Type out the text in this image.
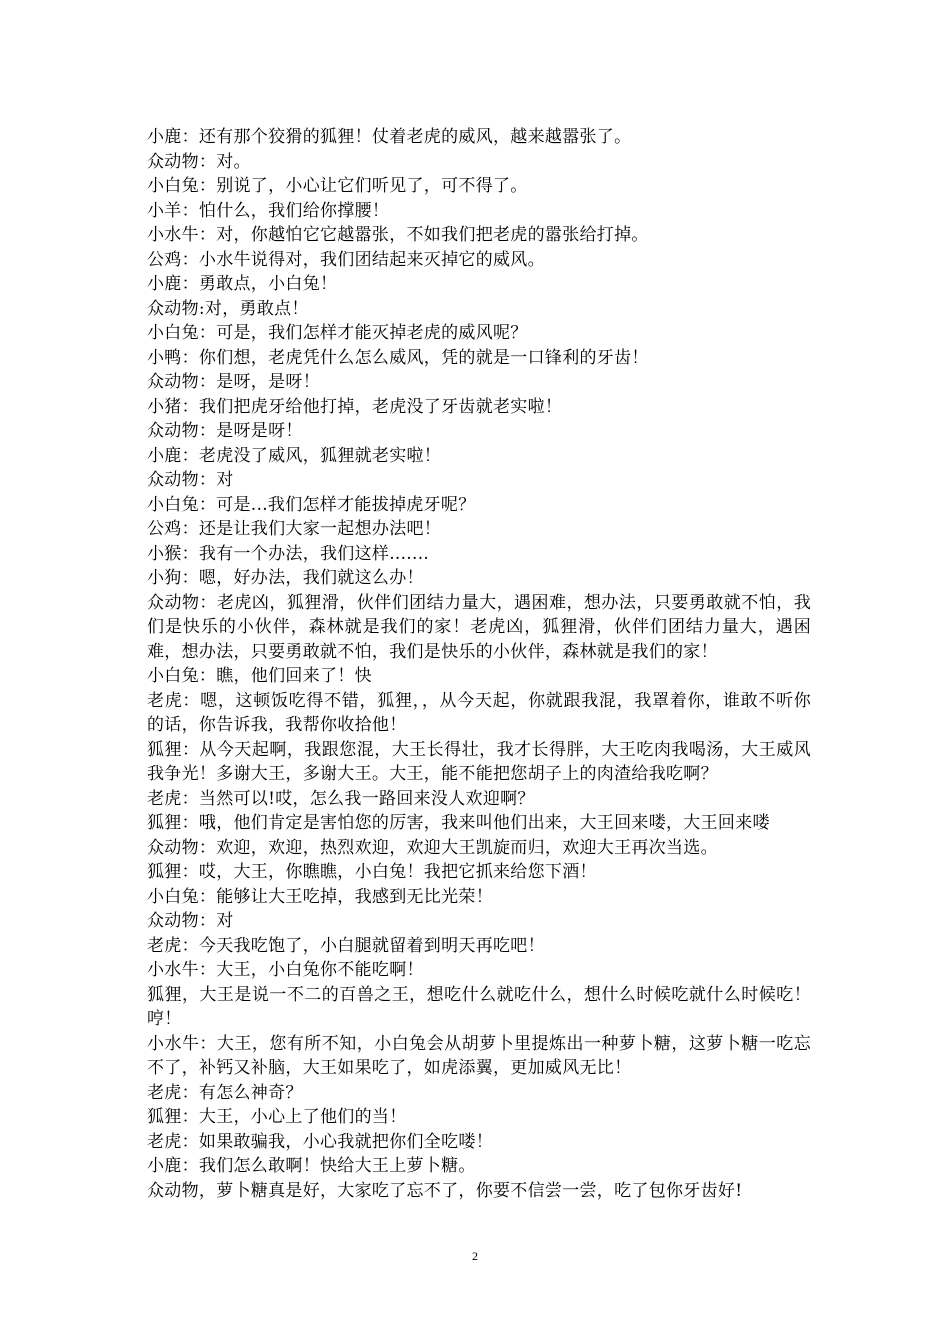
小鹿：还有那个狡猾的狐狸！仗着老虎的威风，越来越嚣张了。
众动物：对。
小白兔：别说了，小心让它们听见了，可不得了。
小羊：怕什么，我们给你撑腰！
小水牛：对，你越怕它它越嚣张，不如我们把老虎的嚣张给打掉。
公鸡：小水牛说得对，我们团结起来灭掉它的威风。
小鹿：勇敢点，小白兔！
众动物:对，勇敢点！
小白兔：可是，我们怎样才能灭掉老虎的威风呢？
小鸭：你们想，老虎凭什么怎么威风，凭的就是一口锋利的牙齿！
众动物：是呀，是呀！
小猪：我们把虎牙给他打掉，老虎没了牙齿就老实啦！
众动物：是呀是呀！
小鹿：老虎没了威风，狐狸就老实啦！
众动物：对
小白兔：可是...我们怎样才能拔掉虎牙呢？
公鸡：还是让我们大家一起想办法吧！
小猴：我有一个办法，我们这样.......
小狗：嗯，好办法，我们就这么办！
众动物：老虎凶，狐狸滑，伙伴们团结力量大，遇困难，想办法，只要勇敢就不怕，我们是快乐的小伙伴，森林就是我们的家！老虎凶，狐狸滑，伙伴们团结力量大，遇困难，想办法，只要勇敢就不怕，我们是快乐的小伙伴，森林就是我们的家！
小白兔：瞧，他们回来了！快
老虎：嗯，这顿饭吃得不错，狐狸，，从今天起，你就跟我混，我罩着你，谁敢不听你的话，你告诉我，我帮你收拾他！
狐狸：从今天起啊，我跟您混，大王长得壮，我才长得胖，大王吃肉我喝汤，大王威风我争光！多谢大王，多谢大王。大王，能不能把您胡子上的肉渣给我吃啊？
老虎：当然可以!哎，怎么我一路回来没人欢迎啊？
狐狸：哦，他们肯定是害怕您的厉害，我来叫他们出来，大王回来喽，大王回来喽
众动物：欢迎，欢迎，热烈欢迎，欢迎大王凯旋而归，欢迎大王再次当选。
狐狸：哎，大王，你瞧瞧，小白兔！我把它抓来给您下酒！
小白兔：能够让大王吃掉，我感到无比光荣！
众动物：对
老虎：今天我吃饱了，小白腿就留着到明天再吃吧！
小水牛：大王，小白兔你不能吃啊！
狐狸，大王是说一不二的百兽之王，想吃什么就吃什么，想什么时候吃就什么时候吃！哼！
小水牛：大王，您有所不知，小白兔会从胡萝卜里提炼出一种萝卜糖，这萝卜糖一吃忘不了，补钙又补脑，大王如果吃了，如虎添翼，更加威风无比！
老虎：有怎么神奇？
狐狸：大王，小心上了他们的当！
老虎：如果敢骗我，小心我就把你们全吃喽！
小鹿：我们怎么敢啊！快给大王上萝卜糖。
众动物，萝卜糖真是好，大家吃了忘不了，你要不信尝一尝，吃了包你牙齿好!
2
